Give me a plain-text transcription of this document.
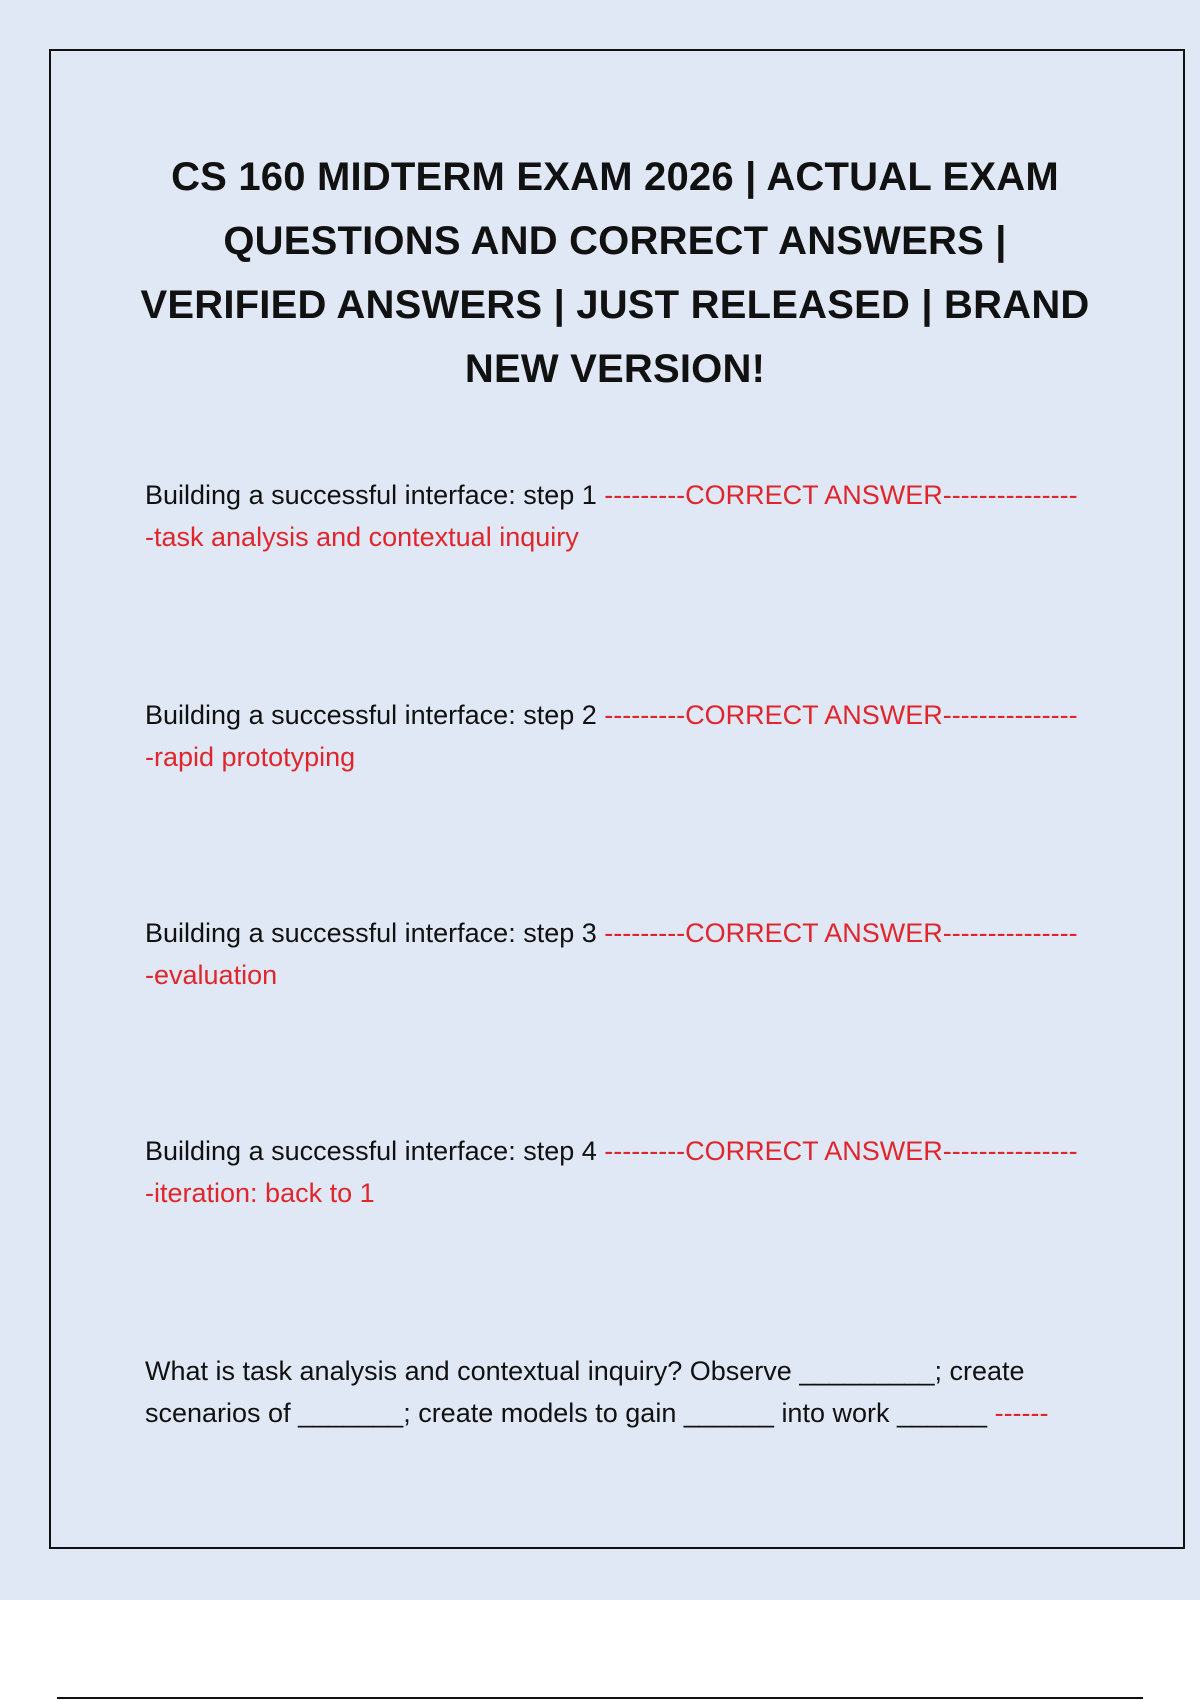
CS 160 MIDTERM EXAM 2026 | ACTUAL EXAM QUESTIONS AND CORRECT ANSWERS | VERIFIED ANSWERS | JUST RELEASED | BRAND NEW VERSION!

Building a successful interface: step 1 ---------CORRECT ANSWER----------------task analysis and contextual inquiry

Building a successful interface: step 2 ---------CORRECT ANSWER----------------rapid prototyping

Building a successful interface: step 3 ---------CORRECT ANSWER----------------evaluation

Building a successful interface: step 4 ---------CORRECT ANSWER----------------iteration: back to 1

What is task analysis and contextual inquiry? Observe _________; create scenarios of _______; create models to gain ______ into work ______ ------
